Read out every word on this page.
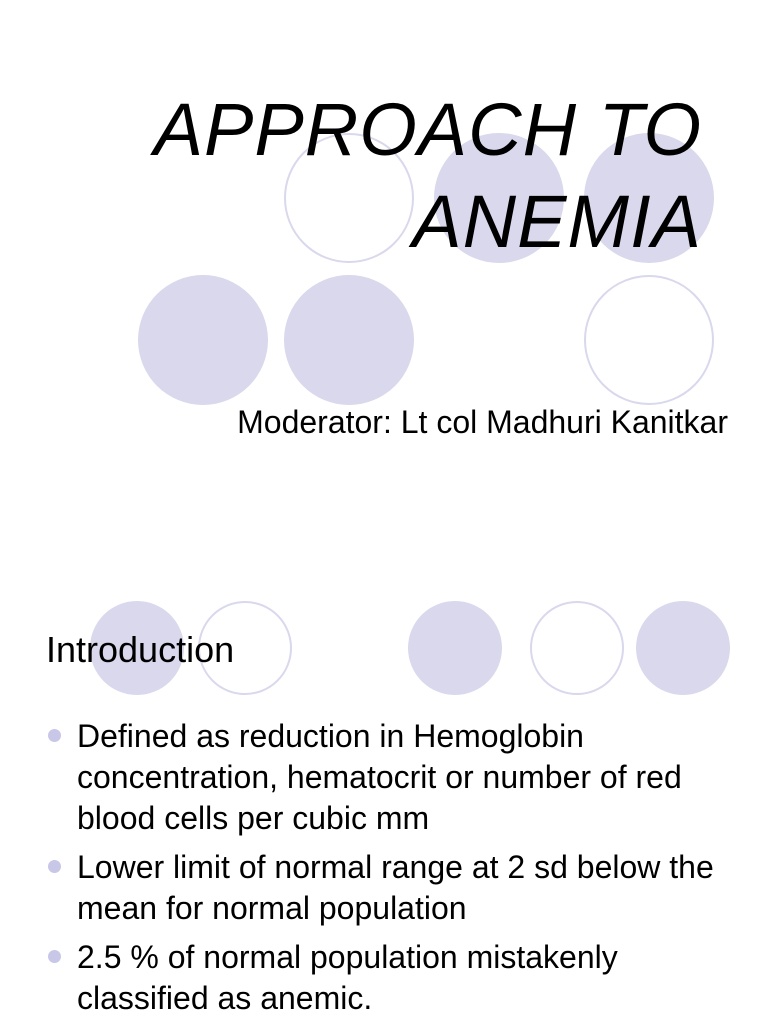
APPROACH TO
ANEMIA
Moderator: Lt col Madhuri Kanitkar
Introduction
Defined as reduction in Hemoglobin concentration, hematocrit or number of red blood cells per cubic mm
Lower limit of normal range at 2 sd below the mean for normal population
2.5 % of normal population mistakenly classified as anemic.
